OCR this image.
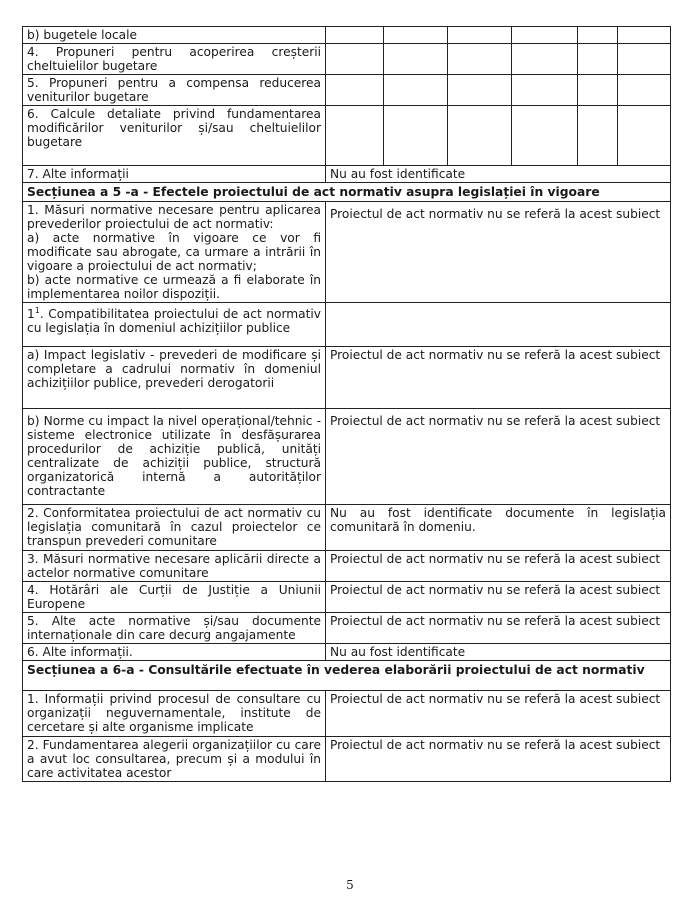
b) bugetele locale						
4. Propuneri pentru acoperirea creșterii cheltuielilor bugetare						
5. Propuneri pentru a compensa reducerea veniturilor bugetare						
6. Calcule detaliate privind fundamentarea modificărilor veniturilor și/sau cheltuielilor bugetare						
7. Alte informații	Nu au fost identificate					
Secțiunea a 5 -a - Efectele proiectului de act normativ asupra legislației în vigoare	

1. Măsuri normative necesare pentru aplicarea prevederilor proiectului de act normativ:
a) acte normative în vigoare ce vor fi modificate sau abrogate, ca urmare a intrării în vigoare a proiectului de act normativ;
b) acte normative ce urmează a fi elaborate în implementarea noilor dispoziții.	Proiectul de act normativ nu se referă la acest subiect
$1^1$. Compatibilitatea proiectului de act normativ cu legislația în domeniul achizițiilor publice	
a) Impact legislativ - prevederi de modificare și completare a cadrului normativ în domeniul achizițiilor publice, prevederi derogatorii	Proiectul de act normativ nu se referă la acest subiect
b) Norme cu impact la nivel operațional/tehnic - sisteme electronice utilizate în desfășurarea procedurilor de achiziție publică, unități centralizate de achiziții publice, structură organizatorică internă a autorităților contractante	Proiectul de act normativ nu se referă la acest subiect
2. Conformitatea proiectului de act normativ cu legislația comunitară în cazul proiectelor ce transpun prevederi comunitare	Nu au fost identificate documente în legislația comunitară în domeniu.
3. Măsuri normative necesare aplicării directe a actelor normative comunitare	Proiectul de act normativ nu se referă la acest subiect
4. Hotărâri ale Curții de Justiție a Uniunii Europene	Proiectul de act normativ nu se referă la acest subiect
5. Alte acte normative și/sau documente internaționale din care decurg angajamente	Proiectul de act normativ nu se referă la acest subiect
6. Alte informații.	Nu au fost identificate
Secțiunea a 6-a - Consultările efectuate în vederea elaborării proiectului de act normativ	
1. Informații privind procesul de consultare cu organizații neguvernamentale, institute de cercetare și alte organisme implicate	Proiectul de act normativ nu se referă la acest subiect
2. Fundamentarea alegerii organizațiilor cu care a avut loc consultarea, precum și a modului în care activitatea acestor	Proiectul de act normativ nu se referă la acest subiect
5
